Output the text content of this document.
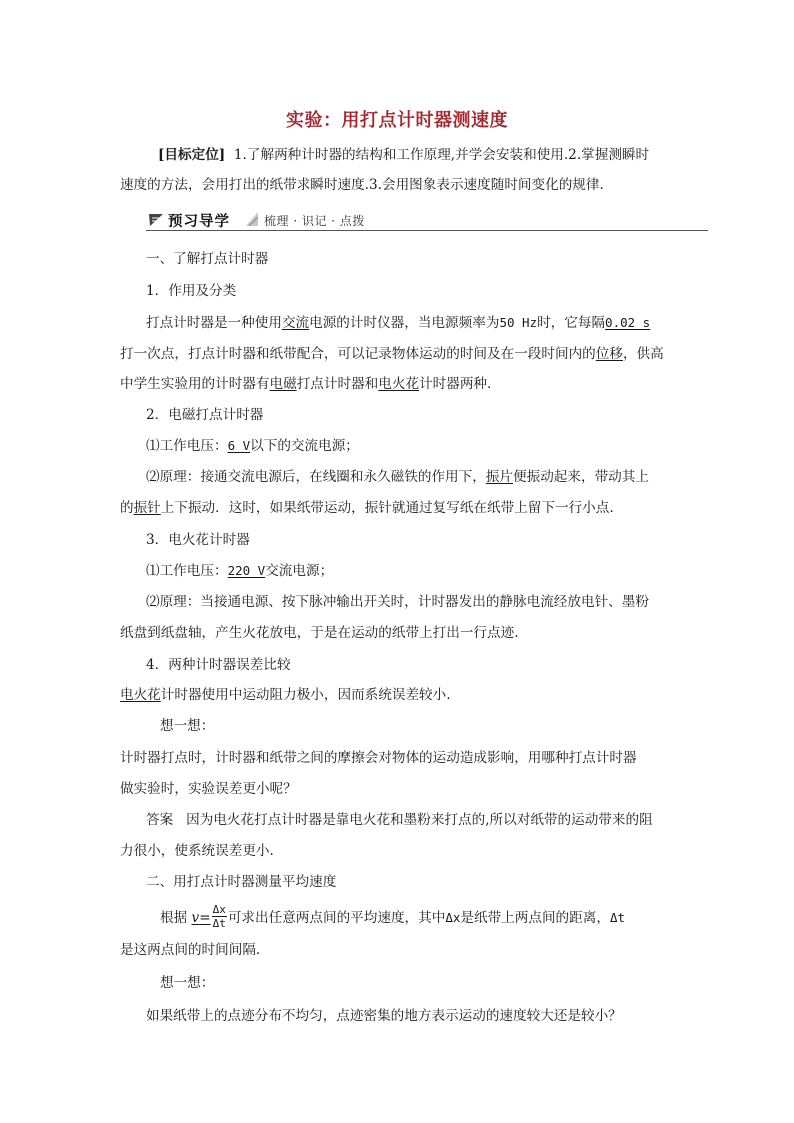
实验：用打点计时器测速度
[目标定位] 1.了解两种计时器的结构和工作原理,并学会安装和使用.2.掌握测瞬时
速度的方法，会用打出的纸带求瞬时速度.3.会用图象表示速度随时间变化的规律.
预习导学	梳理 · 识记 · 点拨
一、了解打点计时器
1．作用及分类
打点计时器是一种使用交流电源的计时仪器，当电源频率为50 Hz时，它每隔0.02 s
打一次点，打点计时器和纸带配合，可以记录物体运动的时间及在一段时间内的位移，供高
中学生实验用的计时器有电磁打点计时器和电火花计时器两种.
2．电磁打点计时器
⑴工作电压：6 V以下的交流电源；
⑵原理：接通交流电源后，在线圈和永久磁铁的作用下，振片便振动起来，带动其上
的振针上下振动．这时，如果纸带运动，振针就通过复写纸在纸带上留下一行小点.
3．电火花计时器
⑴工作电压：220 V交流电源；
⑵原理：当接通电源、按下脉冲输出开关时，计时器发出的静脉电流经放电针、墨粉
纸盘到纸盘轴，产生火花放电，于是在运动的纸带上打出一行点迹.
4．两种计时器误差比较
电火花计时器使用中运动阻力极小，因而系统误差较小.
想一想：
计时器打点时，计时器和纸带之间的摩擦会对物体的运动造成影响，用哪种打点计时器
做实验时，实验误差更小呢？
答案 因为电火花打点计时器是靠电火花和墨粉来打点的,所以对纸带的运动带来的阻
力很小，使系统误差更小.
二、用打点计时器测量平均速度
根据 $v= \frac{\Delta x}{\Delta t}$ 可求出任意两点间的平均速度，其中Δx是纸带上两点间的距离，Δt
是这两点间的时间间隔.
想一想：
如果纸带上的点迹分布不均匀，点迹密集的地方表示运动的速度较大还是较小？
